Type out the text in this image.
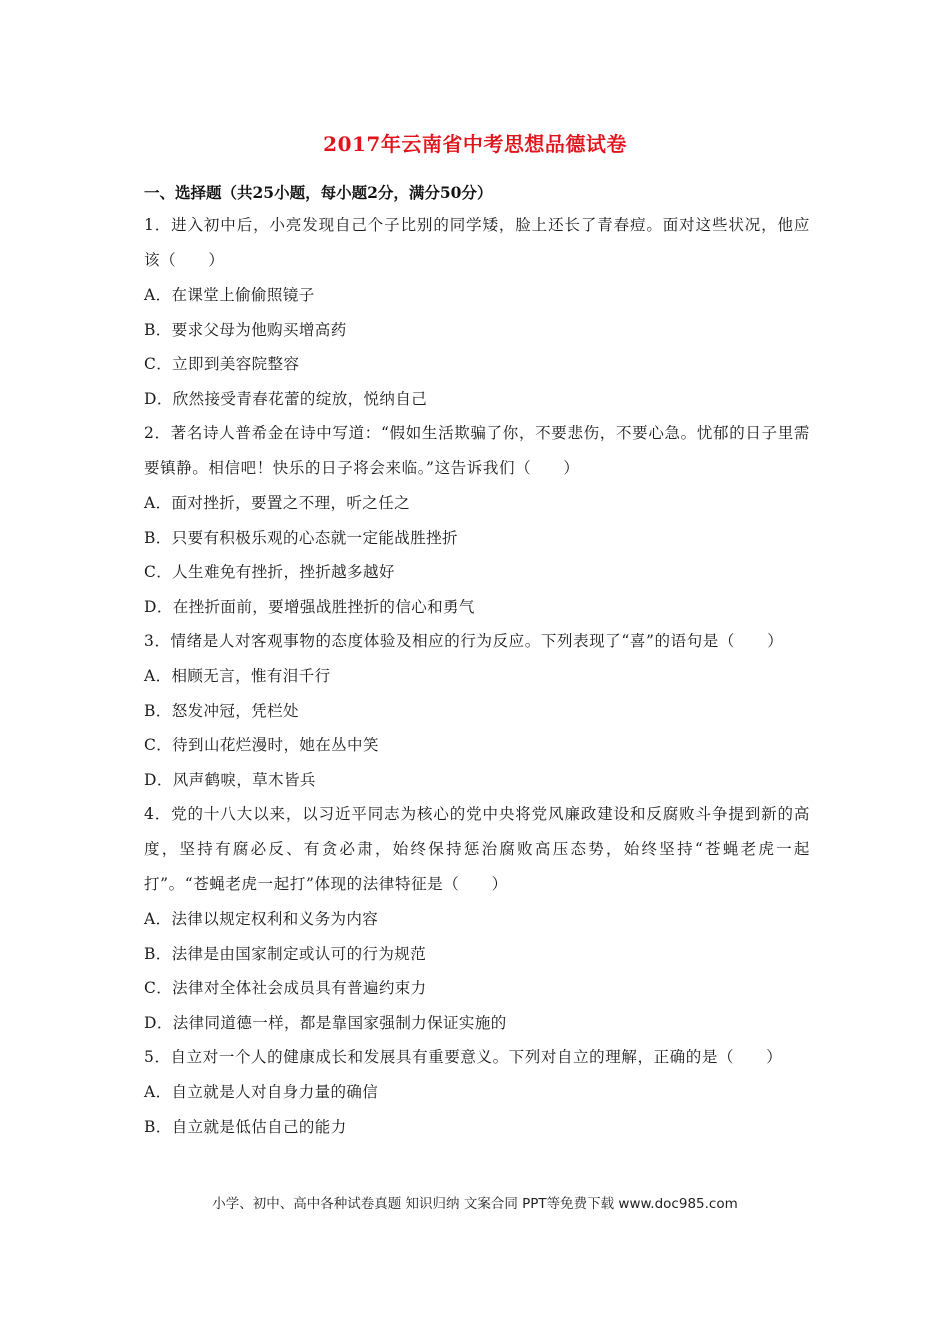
2017年云南省中考思想品德试卷
一、选择题（共25小题，每小题2分，满分50分）
1．进入初中后，小亮发现自己个子比别的同学矮，脸上还长了青春痘。面对这些状况，他应该（　　）
A．在课堂上偷偷照镜子
B．要求父母为他购买增高药
C．立即到美容院整容
D．欣然接受青春花蕾的绽放，悦纳自己
2．著名诗人普希金在诗中写道：“假如生活欺骗了你，不要悲伤，不要心急。忧郁的日子里需要镇静。相信吧！快乐的日子将会来临。”这告诉我们（　　）
A．面对挫折，要置之不理，听之任之
B．只要有积极乐观的心态就一定能战胜挫折
C．人生难免有挫折，挫折越多越好
D．在挫折面前，要增强战胜挫折的信心和勇气
3．情绪是人对客观事物的态度体验及相应的行为反应。下列表现了“喜”的语句是（　　）
A．相顾无言，惟有泪千行
B．怒发冲冠，凭栏处
C．待到山花烂漫时，她在丛中笑
D．风声鹤唳，草木皆兵
4．党的十八大以来，以习近平同志为核心的党中央将党风廉政建设和反腐败斗争提到新的高度，坚持有腐必反、有贪必肃，始终保持惩治腐败高压态势，始终坚持“苍蝇老虎一起打”。“苍蝇老虎一起打”体现的法律特征是（　　）
A．法律以规定权利和义务为内容
B．法律是由国家制定或认可的行为规范
C．法律对全体社会成员具有普遍约束力
D．法律同道德一样，都是靠国家强制力保证实施的
5．自立对一个人的健康成长和发展具有重要意义。下列对自立的理解，正确的是（　　）
A．自立就是人对自身力量的确信
B．自立就是低估自己的能力
小学、初中、高中各种试卷真题 知识归纳 文案合同 PPT等免费下载 www.doc985.com
